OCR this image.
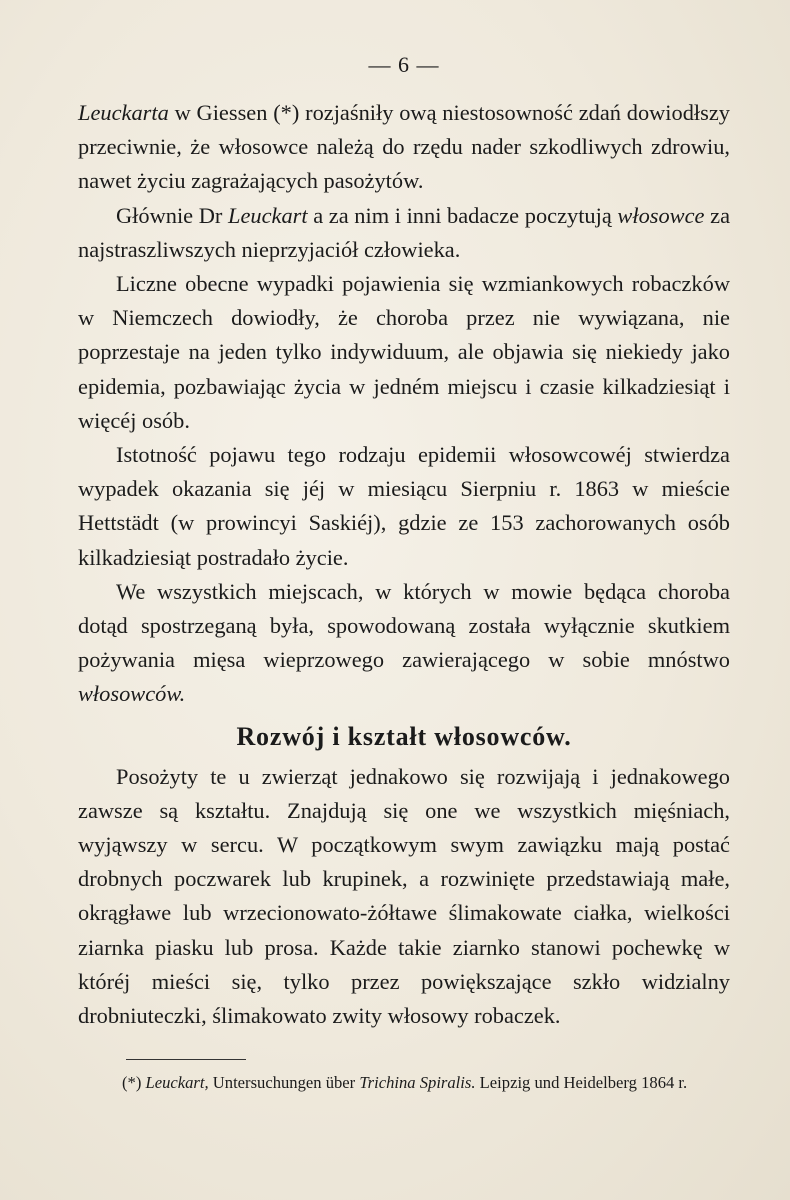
— 6 —

Leuckarta w Giessen (*) rozjaśniły ową niestosowność zdań dowiodłszy przeciwnie, że włosowce należą do rzędu nader szkodliwych zdrowiu, nawet życiu zagrażających pasożytów.

Głównie Dr Leuckart a za nim i inni badacze poczytują włosowce za najstraszliwszych nieprzyjaciół człowieka.

Liczne obecne wypadki pojawienia się wzmiankowych robaczków w Niemczech dowiodły, że choroba przez nie wywiązana, nie poprzestaje na jeden tylko indywiduum, ale objawia się niekiedy jako epidemia, pozbawiając życia w jedném miejscu i czasie kilkadziesiąt i więcéj osób.

Istotność pojawu tego rodzaju epidemii włosowcowéj stwierdza wypadek okazania się jéj w miesiącu Sierpniu r. 1863 w mieście Hettstädt (w prowincyi Saskiéj), gdzie ze 153 zachorowanych osób kilkadziesiąt postradało życie.

We wszystkich miejscach, w których w mowie będąca choroba dotąd spostrzeganą była, spowodowaną została wyłącznie skutkiem pożywania mięsa wieprzowego zawierającego w sobie mnóstwo włosowców.

Rozwój i kształt włosowców.

Posożyty te u zwierząt jednakowo się rozwijają i jednakowego zawsze są kształtu. Znajdują się one we wszystkich mięśniach, wyjąwszy w sercu. W początkowym swym zawiązku mają postać drobnych poczwarek lub krupinek, a rozwinięte przedstawiają małe, okrągławe lub wrzecionowato-żółtawe ślimakowate ciałka, wielkości ziarnka piasku lub prosa. Każde takie ziarnko stanowi pochewkę w któréj mieści się, tylko przez powiększające szkło widzialny drobniuteczki, ślimakowato zwity włosowy robaczek.

(*) Leuckart, Untersuchungen über Trichina Spiralis. Leipzig und Heidelberg 1864 r.
